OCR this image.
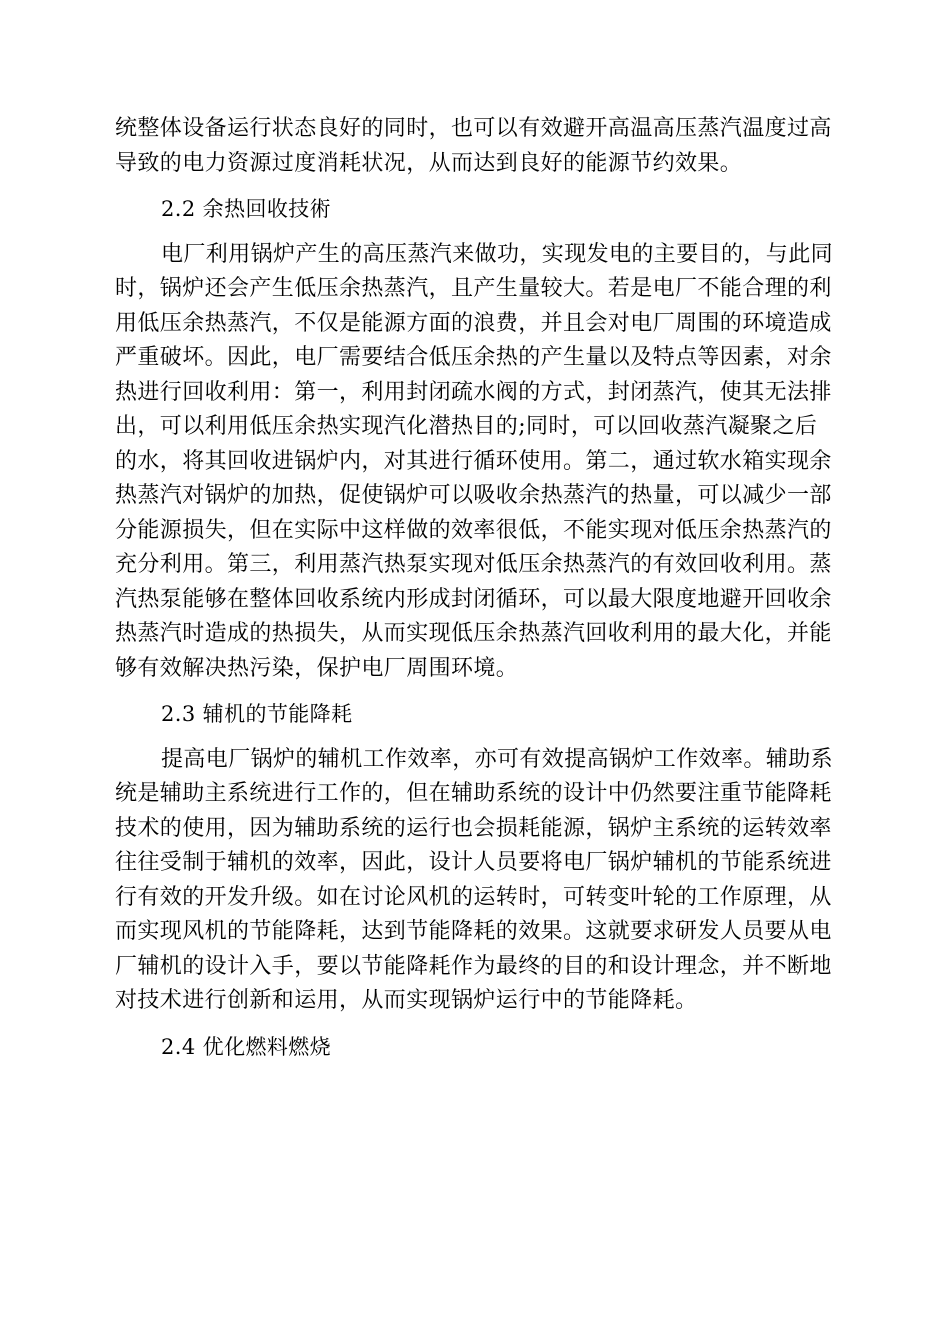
统整体设备运行状态良好的同时，也可以有效避开高温高压蒸汽温度过高
导致的电力资源过度消耗状况，从而达到良好的能源节约效果。
2.2 余热回收技術
电厂利用锅炉产生的高压蒸汽来做功，实现发电的主要目的，与此同
时，锅炉还会产生低压余热蒸汽，且产生量较大。若是电厂不能合理的利
用低压余热蒸汽，不仅是能源方面的浪费，并且会对电厂周围的环境造成
严重破坏。因此，电厂需要结合低压余热的产生量以及特点等因素，对余
热进行回收利用：第一，利用封闭疏水阀的方式，封闭蒸汽，使其无法排
出，可以利用低压余热实现汽化潜热目的;同时，可以回收蒸汽凝聚之后
的水，将其回收进锅炉内，对其进行循环使用。第二，通过软水箱实现余
热蒸汽对锅炉的加热，促使锅炉可以吸收余热蒸汽的热量，可以减少一部
分能源损失，但在实际中这样做的效率很低，不能实现对低压余热蒸汽的
充分利用。第三，利用蒸汽热泵实现对低压余热蒸汽的有效回收利用。蒸
汽热泵能够在整体回收系统内形成封闭循环，可以最大限度地避开回收余
热蒸汽时造成的热损失，从而实现低压余热蒸汽回收利用的最大化，并能
够有效解决热污染，保护电厂周围环境。
2.3 辅机的节能降耗
提高电厂锅炉的辅机工作效率，亦可有效提高锅炉工作效率。辅助系
统是辅助主系统进行工作的，但在辅助系统的设计中仍然要注重节能降耗
技术的使用，因为辅助系统的运行也会损耗能源，锅炉主系统的运转效率
往往受制于辅机的效率，因此，设计人员要将电厂锅炉辅机的节能系统进
行有效的开发升级。如在讨论风机的运转时，可转变叶轮的工作原理，从
而实现风机的节能降耗，达到节能降耗的效果。这就要求研发人员要从电
厂辅机的设计入手，要以节能降耗作为最终的目的和设计理念，并不断地
对技术进行创新和运用，从而实现锅炉运行中的节能降耗。
2.4 优化燃料燃烧
